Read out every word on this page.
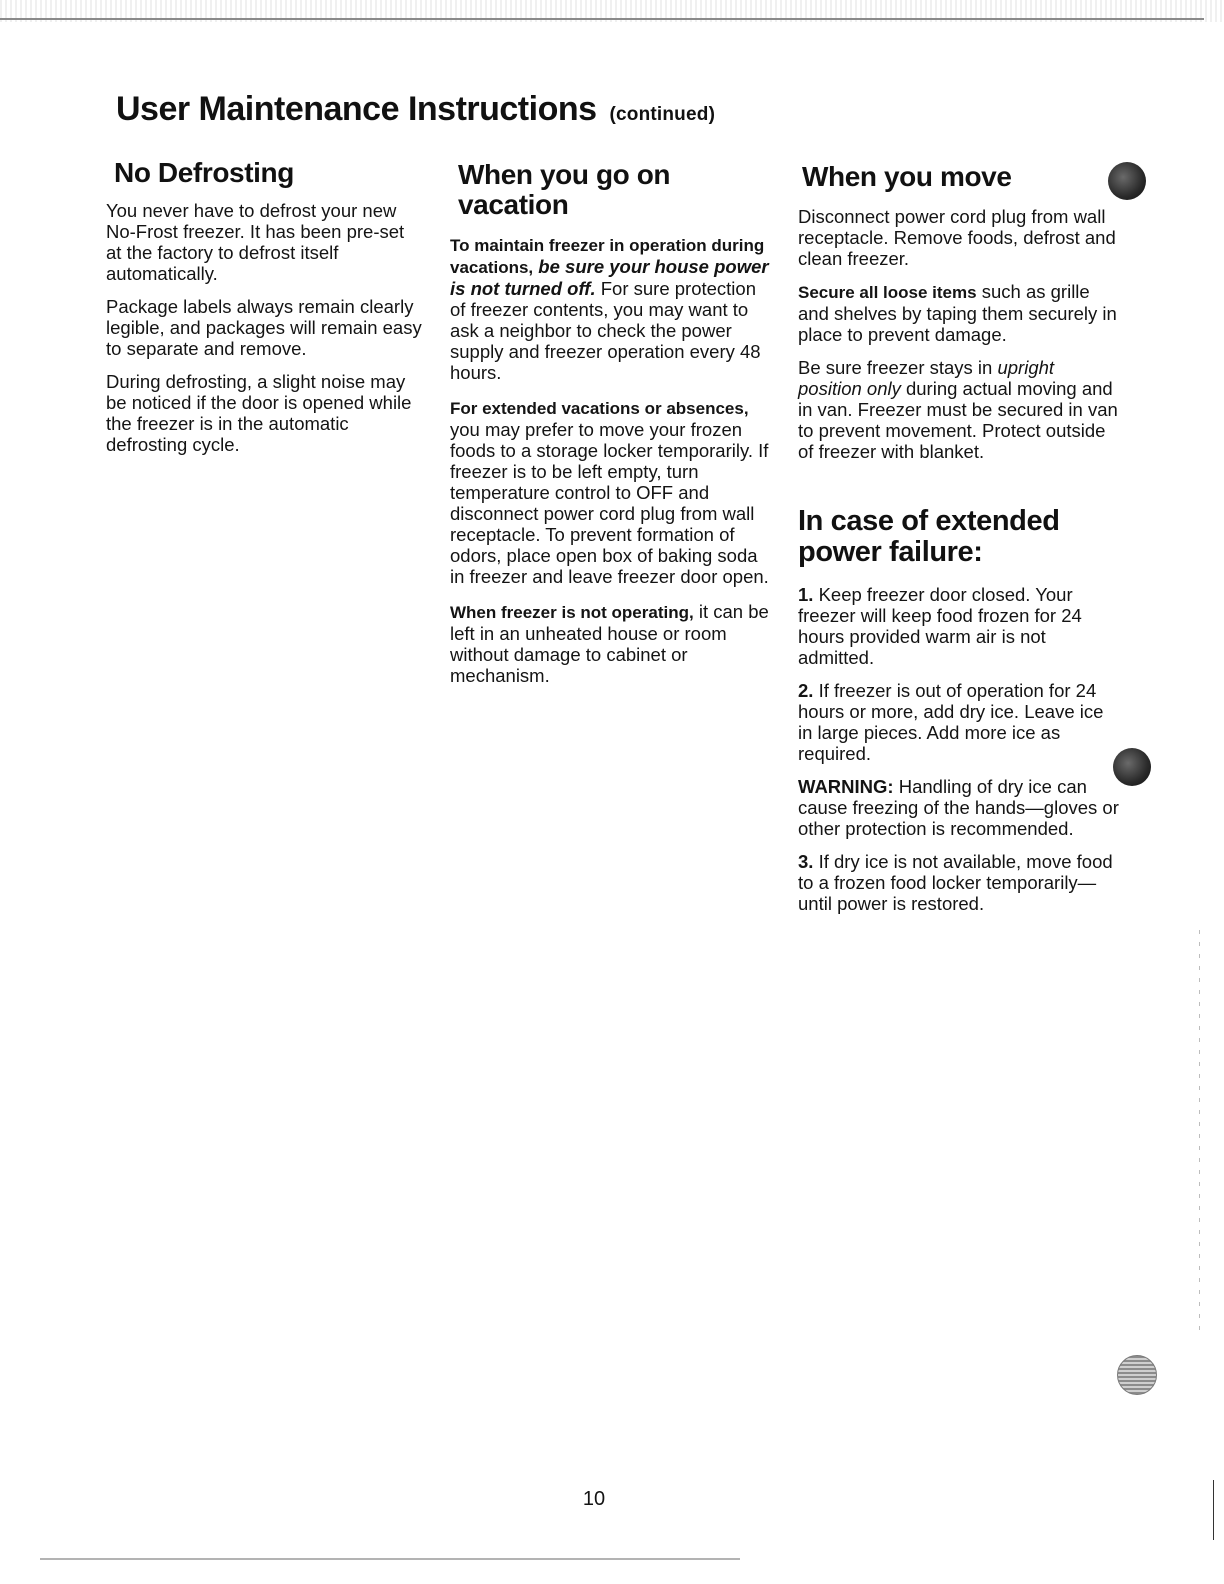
User Maintenance Instructions (continued)
No Defrosting

You never have to defrost your new No-Frost freezer. It has been pre-set at the factory to defrost itself automatically.

Package labels always remain clearly legible, and packages will remain easy to separate and remove.

During defrosting, a slight noise may be noticed if the door is opened while the freezer is in the automatic defrosting cycle.

When you go on vacation

To maintain freezer in operation during vacations, be sure your house power is not turned off. For sure protection of freezer contents, you may want to ask a neighbor to check the power supply and freezer operation every 48 hours.

For extended vacations or absences, you may prefer to move your frozen foods to a storage locker temporarily. If freezer is to be left empty, turn temperature control to OFF and disconnect power cord plug from wall receptacle. To prevent formation of odors, place open box of baking soda in freezer and leave freezer door open.

When freezer is not operating, it can be left in an unheated house or room without damage to cabinet or mechanism.

When you move

Disconnect power cord plug from wall receptacle. Remove foods, defrost and clean freezer.

Secure all loose items such as grille and shelves by taping them securely in place to prevent damage.

Be sure freezer stays in upright position only during actual moving and in van. Freezer must be secured in van to prevent movement. Protect outside of freezer with blanket.

In case of extended power failure:

1. Keep freezer door closed. Your freezer will keep food frozen for 24 hours provided warm air is not admitted.

2. If freezer is out of operation for 24 hours or more, add dry ice. Leave ice in large pieces. Add more ice as required.

WARNING: Handling of dry ice can cause freezing of the hands—gloves or other protection is recommended.

3. If dry ice is not available, move food to a frozen food locker temporarily—until power is restored.

10
